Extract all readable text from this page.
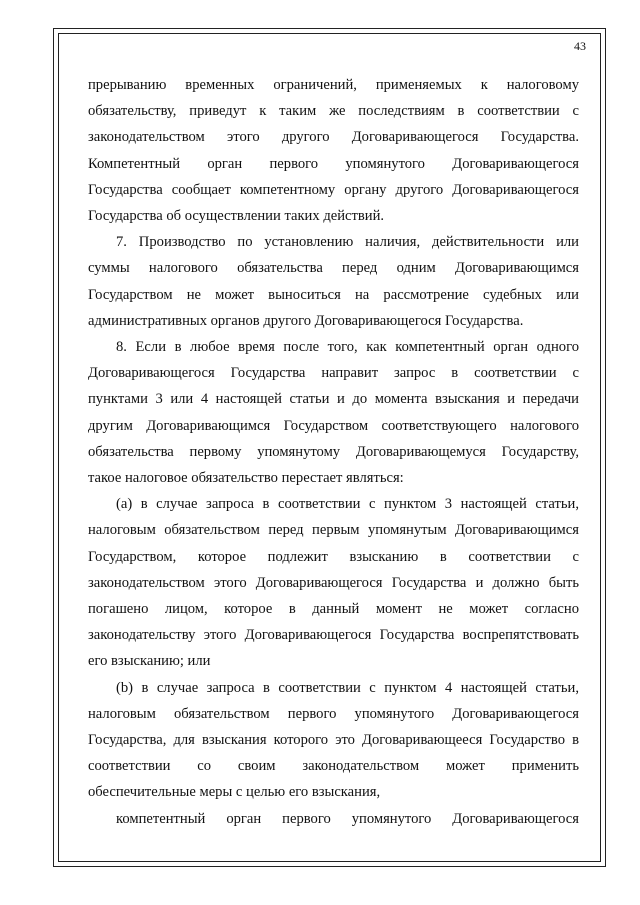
43

прерыванию временных ограничений, применяемых к налоговому

обязательству, приведут к таким же последствиям в соответствии с

законодательством этого другого Договаривающегося Государства.

Компетентный орган первого упомянутого Договаривающегося

Государства сообщает компетентному органу другого Договаривающегося

Государства об осуществлении таких действий.

7. Производство по установлению наличия, действительности или

суммы налогового обязательства перед одним Договаривающимся

Государством не может выноситься на рассмотрение судебных или

административных органов другого Договаривающегося Государства.

8. Если в любое время после того, как компетентный орган одного

Договаривающегося Государства направит запрос в соответствии с

пунктами 3 или 4 настоящей статьи и до момента взыскания и передачи

другим Договаривающимся Государством соответствующего налогового

обязательства первому упомянутому Договаривающемуся Государству,

такое налоговое обязательство перестает являться:

(a) в случае запроса в соответствии с пунктом 3 настоящей статьи,

налоговым обязательством перед первым упомянутым Договаривающимся

Государством, которое подлежит взысканию в соответствии с

законодательством этого Договаривающегося Государства и должно быть

погашено лицом, которое в данный момент не может согласно

законодательству этого Договаривающегося Государства воспрепятствовать

его взысканию; или

(b) в случае запроса в соответствии с пунктом 4 настоящей статьи,

налоговым обязательством первого упомянутого Договаривающегося

Государства, для взыскания которого это Договаривающееся Государство в

соответствии со своим законодательством может применить

обеспечительные меры с целью его взыскания,

компетентный орган первого упомянутого Договаривающегося
